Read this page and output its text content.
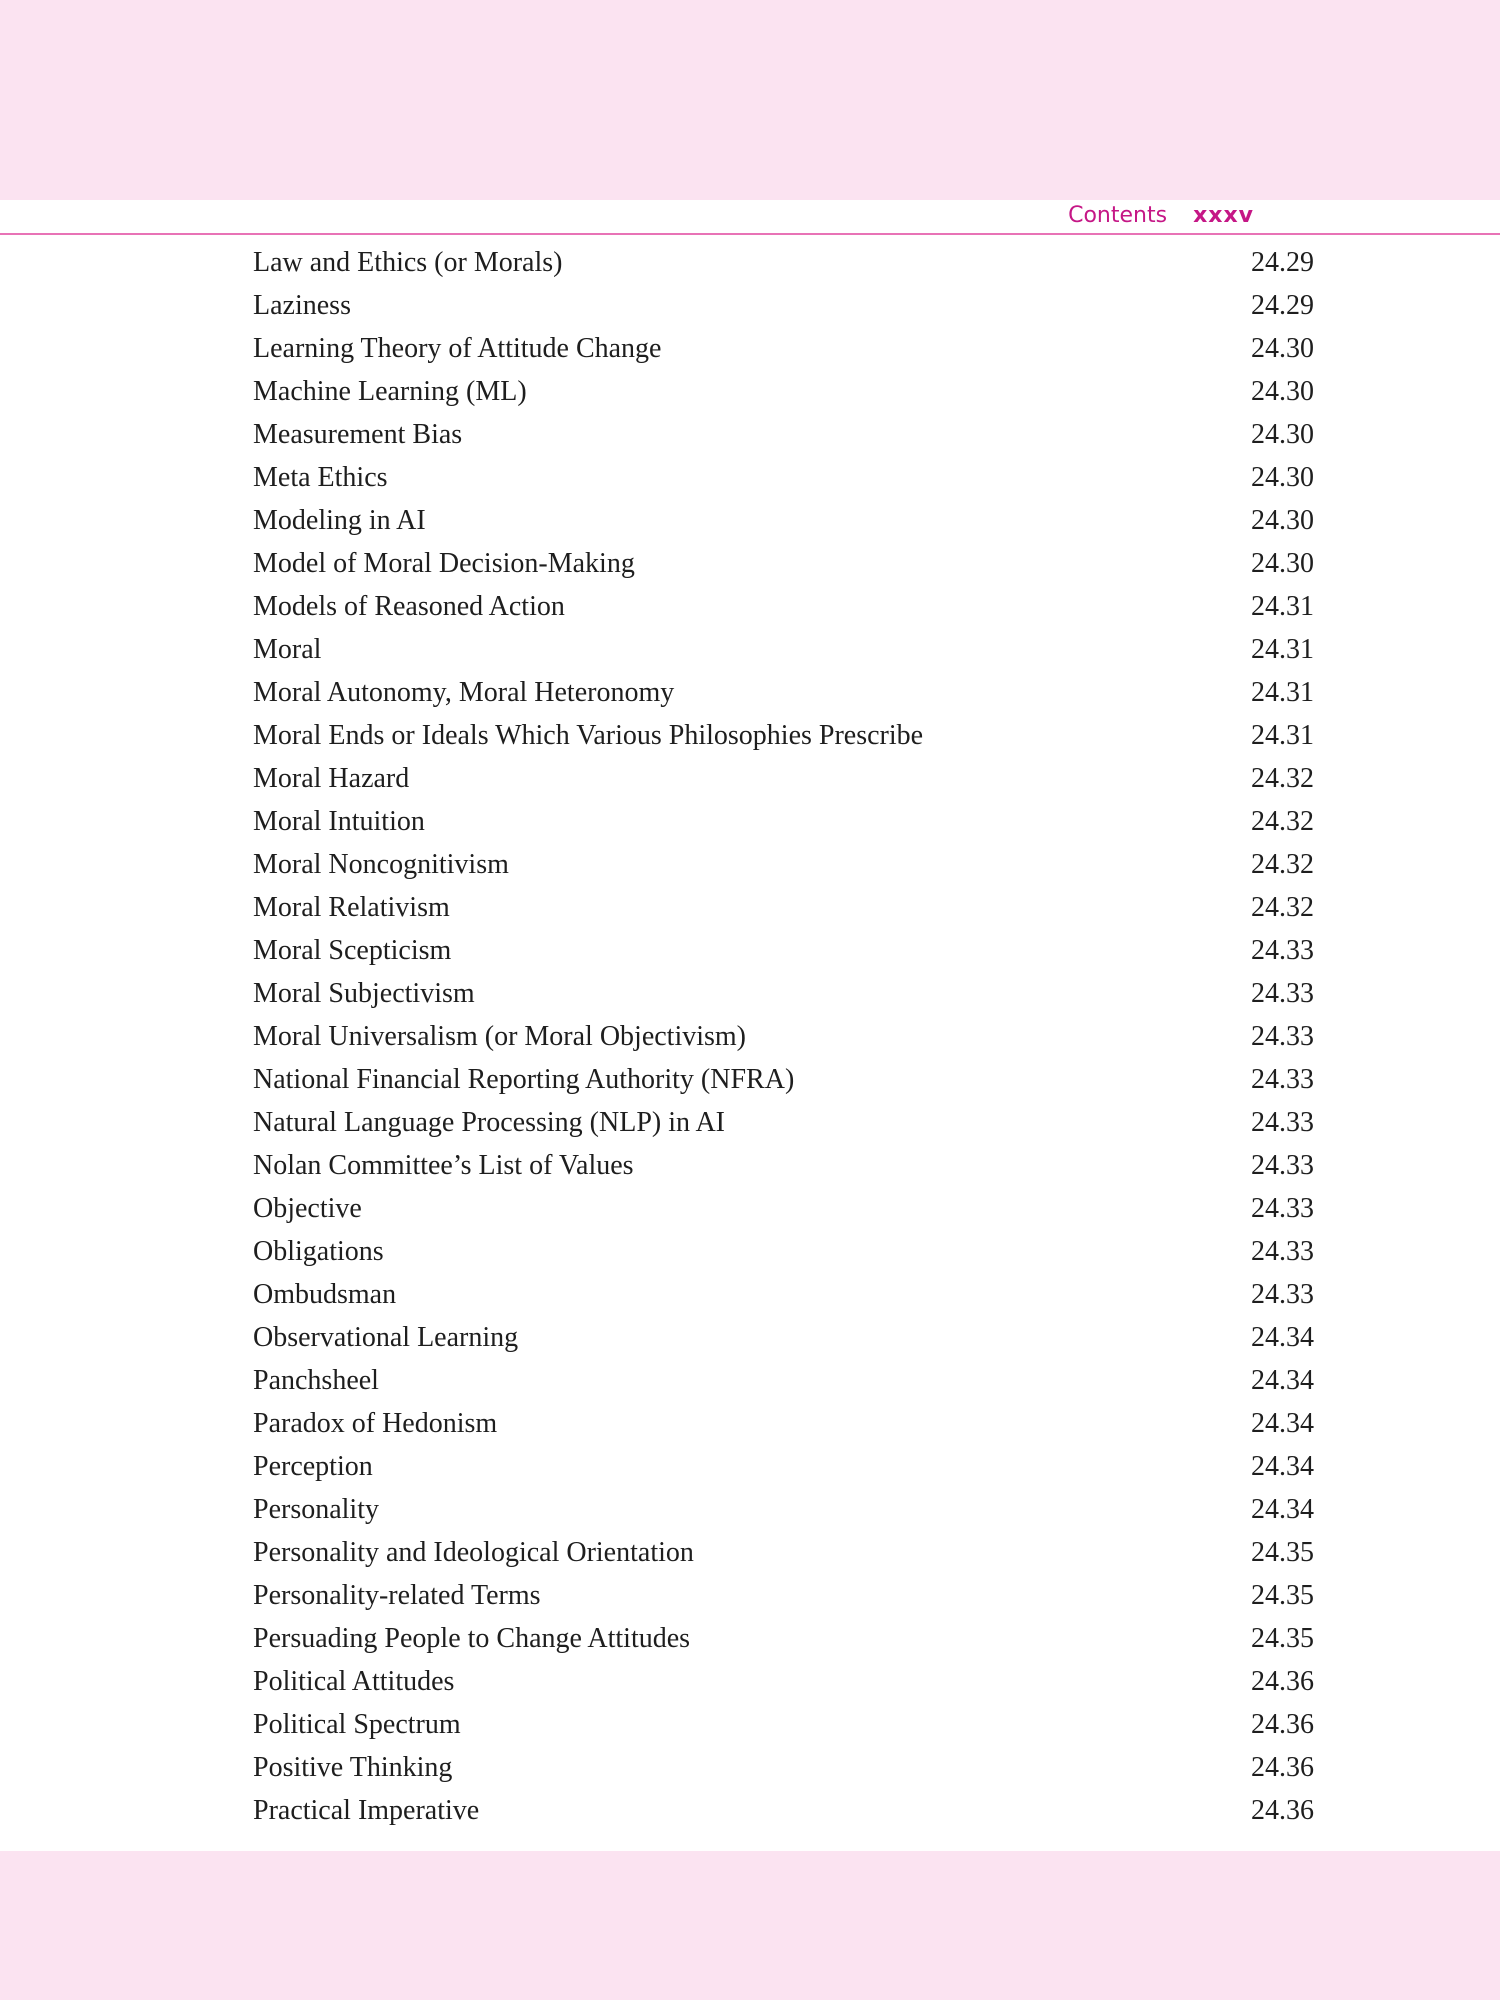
Contents xxxv
Law and Ethics (or Morals)	24.29
Laziness	24.29
Learning Theory of Attitude Change	24.30
Machine Learning (ML)	24.30
Measurement Bias	24.30
Meta Ethics	24.30
Modeling in AI	24.30
Model of Moral Decision-Making	24.30
Models of Reasoned Action	24.31
Moral	24.31
Moral Autonomy, Moral Heteronomy	24.31
Moral Ends or Ideals Which Various Philosophies Prescribe	24.31
Moral Hazard	24.32
Moral Intuition	24.32
Moral Noncognitivism	24.32
Moral Relativism	24.32
Moral Scepticism	24.33
Moral Subjectivism	24.33
Moral Universalism (or Moral Objectivism)	24.33
National Financial Reporting Authority (NFRA)	24.33
Natural Language Processing (NLP) in AI	24.33
Nolan Committee’s List of Values	24.33
Objective	24.33
Obligations	24.33
Ombudsman	24.33
Observational Learning	24.34
Panchsheel	24.34
Paradox of Hedonism	24.34
Perception	24.34
Personality	24.34
Personality and Ideological Orientation	24.35
Personality-related Terms	24.35
Persuading People to Change Attitudes	24.35
Political Attitudes	24.36
Political Spectrum	24.36
Positive Thinking	24.36
Practical Imperative	24.36
